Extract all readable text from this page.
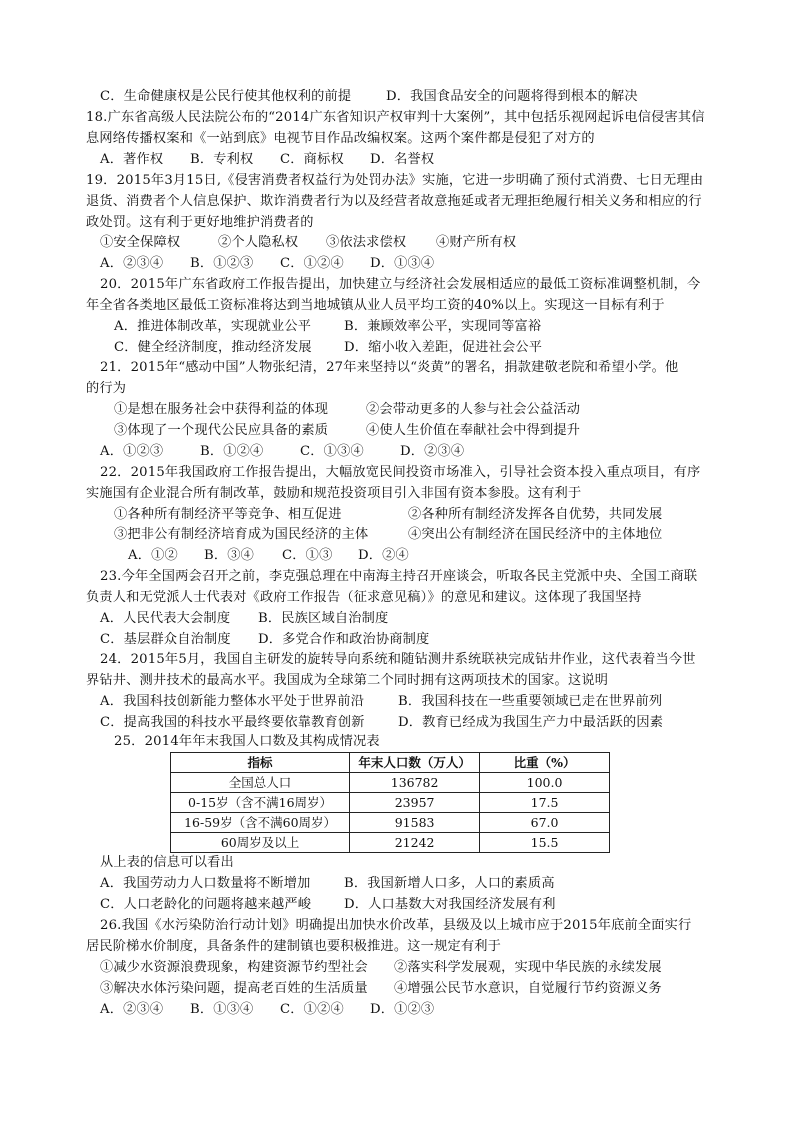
C．生命健康权是公民行使其他权利的前提	D．我国食品安全的问题将得到根本的解决
18.广东省高级人民法院公布的“2014广东省知识产权审判十大案例”，其中包括乐视网起诉电信侵害其信
息网络传播权案和《一站到底》电视节目作品改编权案。这两个案件都是侵犯了对方的
A．著作权 B．专利权 C．商标权 D．名誉权
19．2015年3月15日,《侵害消费者权益行为处罚办法》实施，它进一步明确了预付式消费、七日无理由
退货、消费者个人信息保护、欺诈消费者行为以及经营者故意拖延或者无理拒绝履行相关义务和相应的行
政处罚。这有利于更好地维护消费者的
①安全保障权	②个人隐私权 ③依法求偿权 ④财产所有权
A．②③④ B．①②③ C．①②④ D．①③④
20．2015年广东省政府工作报告提出，加快建立与经济社会发展相适应的最低工资标准调整机制，今
年全省各类地区最低工资标准将达到当地城镇从业人员平均工资的40%以上。实现这一目标有利于
A．推进体制改革，实现就业公平 B．兼顾效率公平，实现同等富裕
C．健全经济制度，推动经济发展 D．缩小收入差距，促进社会公平
21．2015年“感动中国”人物张纪清，27年来坚持以“炎黄”的署名，捐款建敬老院和希望小学。他
的行为
①是想在服务社会中获得利益的体现	②会带动更多的人参与社会公益活动
③体现了一个现代公民应具备的素质	④使人生价值在奉献社会中得到提升
A．①②③	B．①②④	C．①③④	D．②③④
22．2015年我国政府工作报告提出，大幅放宽民间投资市场准入，引导社会资本投入重点项目，有序
实施国有企业混合所有制改革，鼓励和规范投资项目引入非国有资本参股。这有利于
①各种所有制经济平等竞争、相互促进	②各种所有制经济发挥各自优势，共同发展
③把非公有制经济培育成为国民经济的主体	④突出公有制经济在国民经济中的主体地位
A．①② B．③④ C．①③ D．②④
23.今年全国两会召开之前，李克强总理在中南海主持召开座谈会，听取各民主党派中央、全国工商联
负责人和无党派人士代表对《政府工作报告（征求意见稿）》的意见和建议。这体现了我国坚持
A．人民代表大会制度 B．民族区域自治制度
C．基层群众自治制度 D．多党合作和政治协商制度
24．2015年5月，我国自主研发的旋转导向系统和随钻测井系统联袂完成钻井作业，这代表着当今世
界钻井、测井技术的最高水平。我国成为全球第二个同时拥有这两项技术的国家。这说明
A．我国科技创新能力整体水平处于世界前沿	B．我国科技在一些重要领域已走在世界前列
C．提高我国的科技水平最终要依靠教育创新	D．教育已经成为我国生产力中最活跃的因素
25．2014年年末我国人口数及其构成情况表
指标	年末人口数（万人）	比重（%）
全国总人口	136782	100.0
0-15岁（含不满16周岁）	23957	17.5
16-59岁（含不满60周岁）	91583	67.0
60周岁及以上	21242	15.5
从上表的信息可以看出
A．我国劳动力人口数量将不断增加	B．我国新增人口多，人口的素质高
C．人口老龄化的问题将越来越严峻 D．人口基数大对我国经济发展有利
26.我国《水污染防治行动计划》明确提出加快水价改革，县级及以上城市应于2015年底前全面实行
居民阶梯水价制度，具备条件的建制镇也要积极推进。这一规定有利于
①减少水资源浪费现象，构建资源节约型社会 ②落实科学发展观，实现中华民族的永续发展
③解决水体污染问题，提高老百姓的生活质量 ④增强公民节水意识，自觉履行节约资源义务
A．②③④ B．①③④ C．①②④ D．①②③
